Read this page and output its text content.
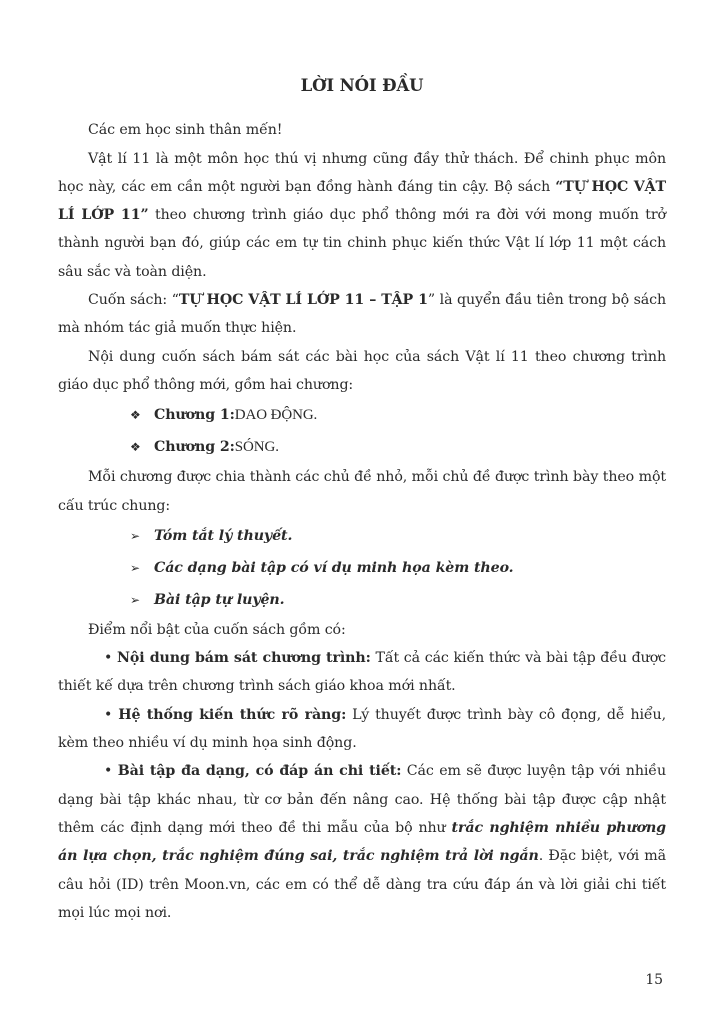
LỜI NÓI ĐẦU

Các em học sinh thân mến!

Vật lí 11 là một môn học thú vị nhưng cũng đầy thử thách. Để chinh phục môn học này, các em cần một người bạn đồng hành đáng tin cậy. Bộ sách “TỰ HỌC VẬT LÍ LỚP 11” theo chương trình giáo dục phổ thông mới ra đời với mong muốn trở thành người bạn đó, giúp các em tự tin chinh phục kiến thức Vật lí lớp 11 một cách sâu sắc và toàn diện.

Cuốn sách: “TỰ HỌC VẬT LÍ LỚP 11 – TẬP 1” là quyển đầu tiên trong bộ sách mà nhóm tác giả muốn thực hiện.

Nội dung cuốn sách bám sát các bài học của sách Vật lí 11 theo chương trình giáo dục phổ thông mới, gồm hai chương:

❖ Chương 1: DAO ĐỘNG.
❖ Chương 2: SÓNG.

Mỗi chương được chia thành các chủ đề nhỏ, mỗi chủ đề được trình bày theo một cấu trúc chung:

➢ Tóm tắt lý thuyết.
➢ Các dạng bài tập có ví dụ minh họa kèm theo.
➢ Bài tập tự luyện.

Điểm nổi bật của cuốn sách gồm có:

• Nội dung bám sát chương trình: Tất cả các kiến thức và bài tập đều được thiết kế dựa trên chương trình sách giáo khoa mới nhất.

• Hệ thống kiến thức rõ ràng: Lý thuyết được trình bày cô đọng, dễ hiểu, kèm theo nhiều ví dụ minh họa sinh động.

• Bài tập đa dạng, có đáp án chi tiết: Các em sẽ được luyện tập với nhiều dạng bài tập khác nhau, từ cơ bản đến nâng cao. Hệ thống bài tập được cập nhật thêm các định dạng mới theo đề thi mẫu của bộ như trắc nghiệm nhiều phương án lựa chọn, trắc nghiệm đúng sai, trắc nghiệm trả lời ngắn. Đặc biệt, với mã câu hỏi (ID) trên Moon.vn, các em có thể dễ dàng tra cứu đáp án và lời giải chi tiết mọi lúc mọi nơi.

15
